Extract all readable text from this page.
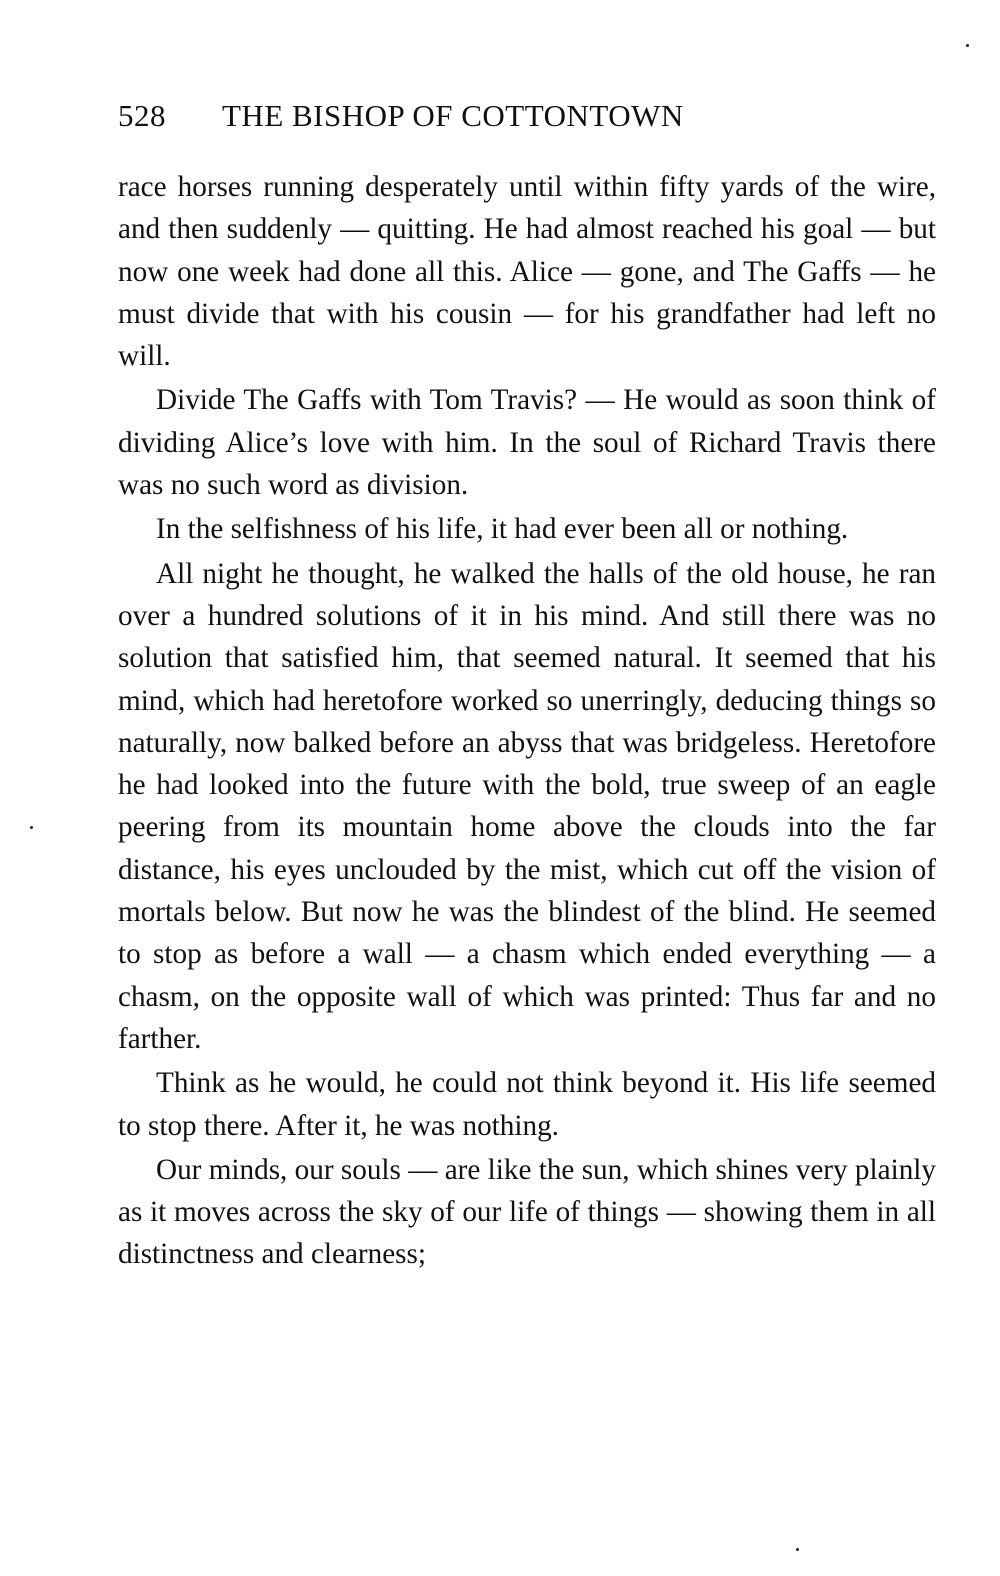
528 THE BISHOP OF COTTONTOWN

race horses running desperately until within fifty yards of the wire, and then suddenly — quitting. He had almost reached his goal — but now one week had done all this. Alice — gone, and The Gaffs — he must divide that with his cousin — for his grandfather had left no will.

Divide The Gaffs with Tom Travis? — He would as soon think of dividing Alice’s love with him. In the soul of Richard Travis there was no such word as division.

In the selfishness of his life, it had ever been all or nothing.

All night he thought, he walked the halls of the old house, he ran over a hundred solutions of it in his mind. And still there was no solution that satisfied him, that seemed natural. It seemed that his mind, which had heretofore worked so unerringly, deducing things so naturally, now balked before an abyss that was bridgeless. Heretofore he had looked into the future with the bold, true sweep of an eagle peering from its mountain home above the clouds into the far distance, his eyes unclouded by the mist, which cut off the vision of mortals below. But now he was the blindest of the blind. He seemed to stop as before a wall — a chasm which ended everything — a chasm, on the opposite wall of which was printed: Thus far and no farther.

Think as he would, he could not think beyond it. His life seemed to stop there. After it, he was nothing.

Our minds, our souls — are like the sun, which shines very plainly as it moves across the sky of our life of things — showing them in all distinctness and clearness;
